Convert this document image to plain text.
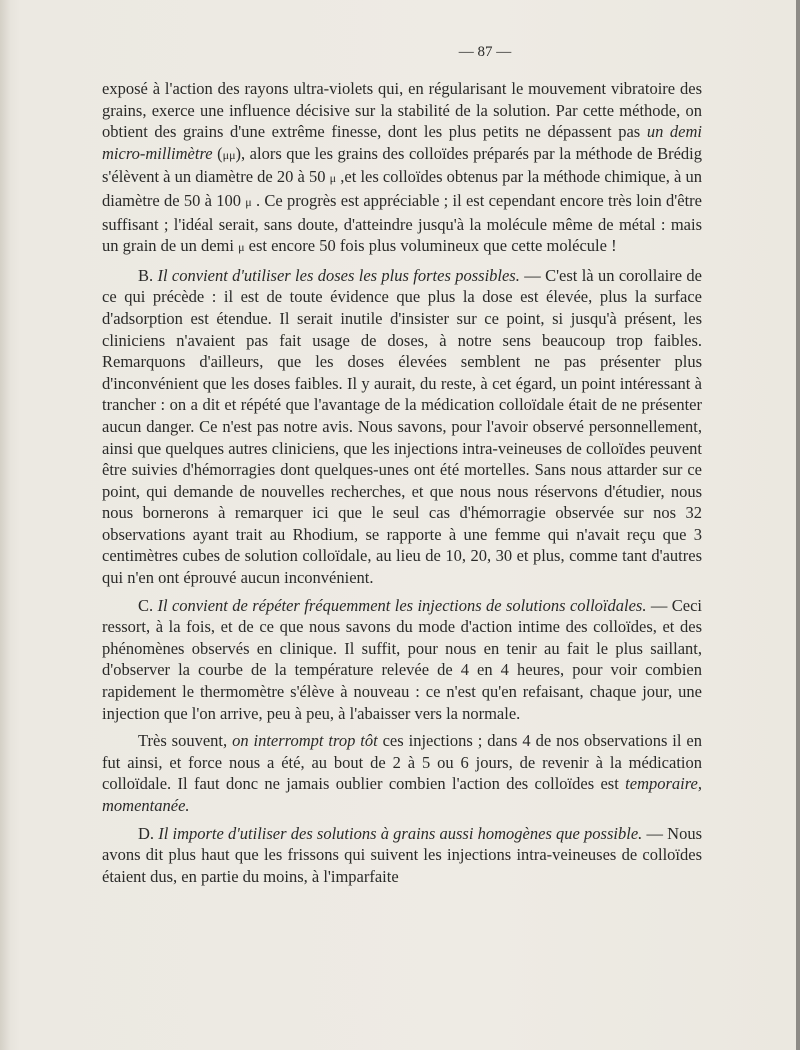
— 87 —

exposé à l'action des rayons ultra-violets qui, en régularisant le mouvement vibratoire des grains, exerce une influence décisive sur la stabilité de la solution. Par cette méthode, on obtient des grains d'une extrême finesse, dont les plus petits ne dépassent pas un demi micro-millimètre (μμ), alors que les grains des colloïdes préparés par la méthode de Brédig s'élèvent à un diamètre de 20 à 50 μ ,et les colloïdes obtenus par la méthode chimique, à un diamètre de 50 à 100 μ . Ce progrès est appréciable ; il est cependant encore très loin d'être suffisant ; l'idéal serait, sans doute, d'atteindre jusqu'à la molécule même de métal : mais un grain de un demi μ est encore 50 fois plus volumineux que cette molécule !

B. Il convient d'utiliser les doses les plus fortes possibles. — C'est là un corollaire de ce qui précède : il est de toute évidence que plus la dose est élevée, plus la surface d'adsorption est étendue. Il serait inutile d'insister sur ce point, si jusqu'à présent, les cliniciens n'avaient pas fait usage de doses, à notre sens beaucoup trop faibles. Remarquons d'ailleurs, que les doses élevées semblent ne pas présenter plus d'inconvénient que les doses faibles. Il y aurait, du reste, à cet égard, un point intéressant à trancher : on a dit et répété que l'avantage de la médication colloïdale était de ne présenter aucun danger. Ce n'est pas notre avis. Nous savons, pour l'avoir observé personnellement, ainsi que quelques autres cliniciens, que les injections intra-veineuses de colloïdes peuvent être suivies d'hémorragies dont quelques-unes ont été mortelles. Sans nous attarder sur ce point, qui demande de nouvelles recherches, et que nous nous réservons d'étudier, nous nous bornerons à remarquer ici que le seul cas d'hémorragie observée sur nos 32 observations ayant trait au Rhodium, se rapporte à une femme qui n'avait reçu que 3 centimètres cubes de solution colloïdale, au lieu de 10, 20, 30 et plus, comme tant d'autres qui n'en ont éprouvé aucun inconvénient.

C. Il convient de répéter fréquemment les injections de solutions colloïdales. — Ceci ressort, à la fois, et de ce que nous savons du mode d'action intime des colloïdes, et des phénomènes observés en clinique. Il suffit, pour nous en tenir au fait le plus saillant, d'observer la courbe de la température relevée de 4 en 4 heures, pour voir combien rapidement le thermomètre s'élève à nouveau : ce n'est qu'en refaisant, chaque jour, une injection que l'on arrive, peu à peu, à l'abaisser vers la normale.

Très souvent, on interrompt trop tôt ces injections ; dans 4 de nos observations il en fut ainsi, et force nous a été, au bout de 2 à 5 ou 6 jours, de revenir à la médication colloïdale. Il faut donc ne jamais oublier combien l'action des colloïdes est temporaire, momentanée.

D. Il importe d'utiliser des solutions à grains aussi homogènes que possible. — Nous avons dit plus haut que les frissons qui suivent les injections intra-veineuses de colloïdes étaient dus, en partie du moins, à l'imparfaite
